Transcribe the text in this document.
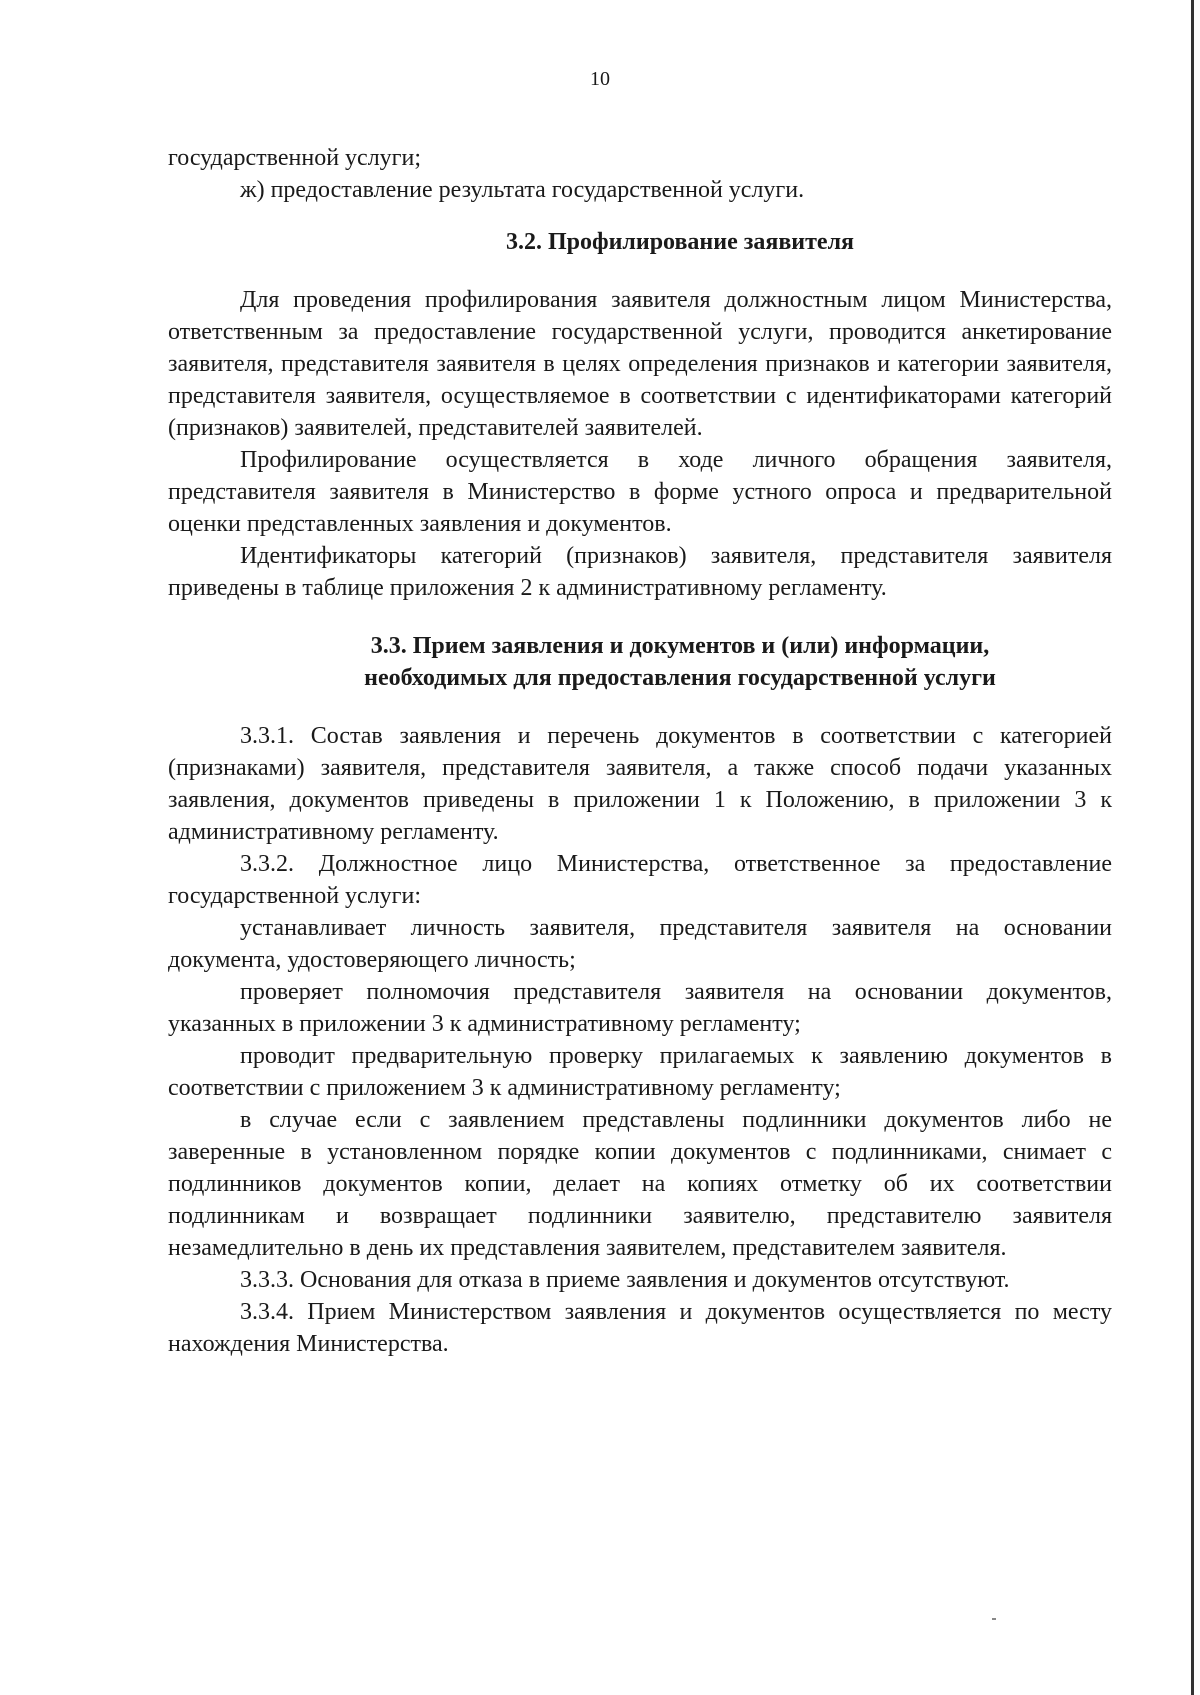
10

государственной услуги;

ж) предоставление результата государственной услуги.

3.2. Профилирование заявителя

Для проведения профилирования заявителя должностным лицом Министерства, ответственным за предоставление государственной услуги, проводится анкетирование заявителя, представителя заявителя в целях определения признаков и категории заявителя, представителя заявителя, осуществляемое в соответствии с идентификаторами категорий (признаков) заявителей, представителей заявителей.

Профилирование осуществляется в ходе личного обращения заявителя, представителя заявителя в Министерство в форме устного опроса и предварительной оценки представленных заявления и документов.

Идентификаторы категорий (признаков) заявителя, представителя заявителя приведены в таблице приложения 2 к административному регламенту.

3.3. Прием заявления и документов и (или) информации,
необходимых для предоставления государственной услуги

3.3.1. Состав заявления и перечень документов в соответствии с категорией (признаками) заявителя, представителя заявителя, а также способ подачи указанных заявления, документов приведены в приложении 1 к Положению, в приложении 3 к административному регламенту.

3.3.2. Должностное лицо Министерства, ответственное за предоставление государственной услуги:

устанавливает личность заявителя, представителя заявителя на основании документа, удостоверяющего личность;

проверяет полномочия представителя заявителя на основании документов, указанных в приложении 3 к административному регламенту;

проводит предварительную проверку прилагаемых к заявлению документов в соответствии с приложением 3 к административному регламенту;

в случае если с заявлением представлены подлинники документов либо не заверенные в установленном порядке копии документов с подлинниками, снимает с подлинников документов копии, делает на копиях отметку об их соответствии подлинникам и возвращает подлинники заявителю, представителю заявителя незамедлительно в день их представления заявителем, представителем заявителя.

3.3.3. Основания для отказа в приеме заявления и документов отсутствуют.

3.3.4. Прием Министерством заявления и документов осуществляется по месту нахождения Министерства.
